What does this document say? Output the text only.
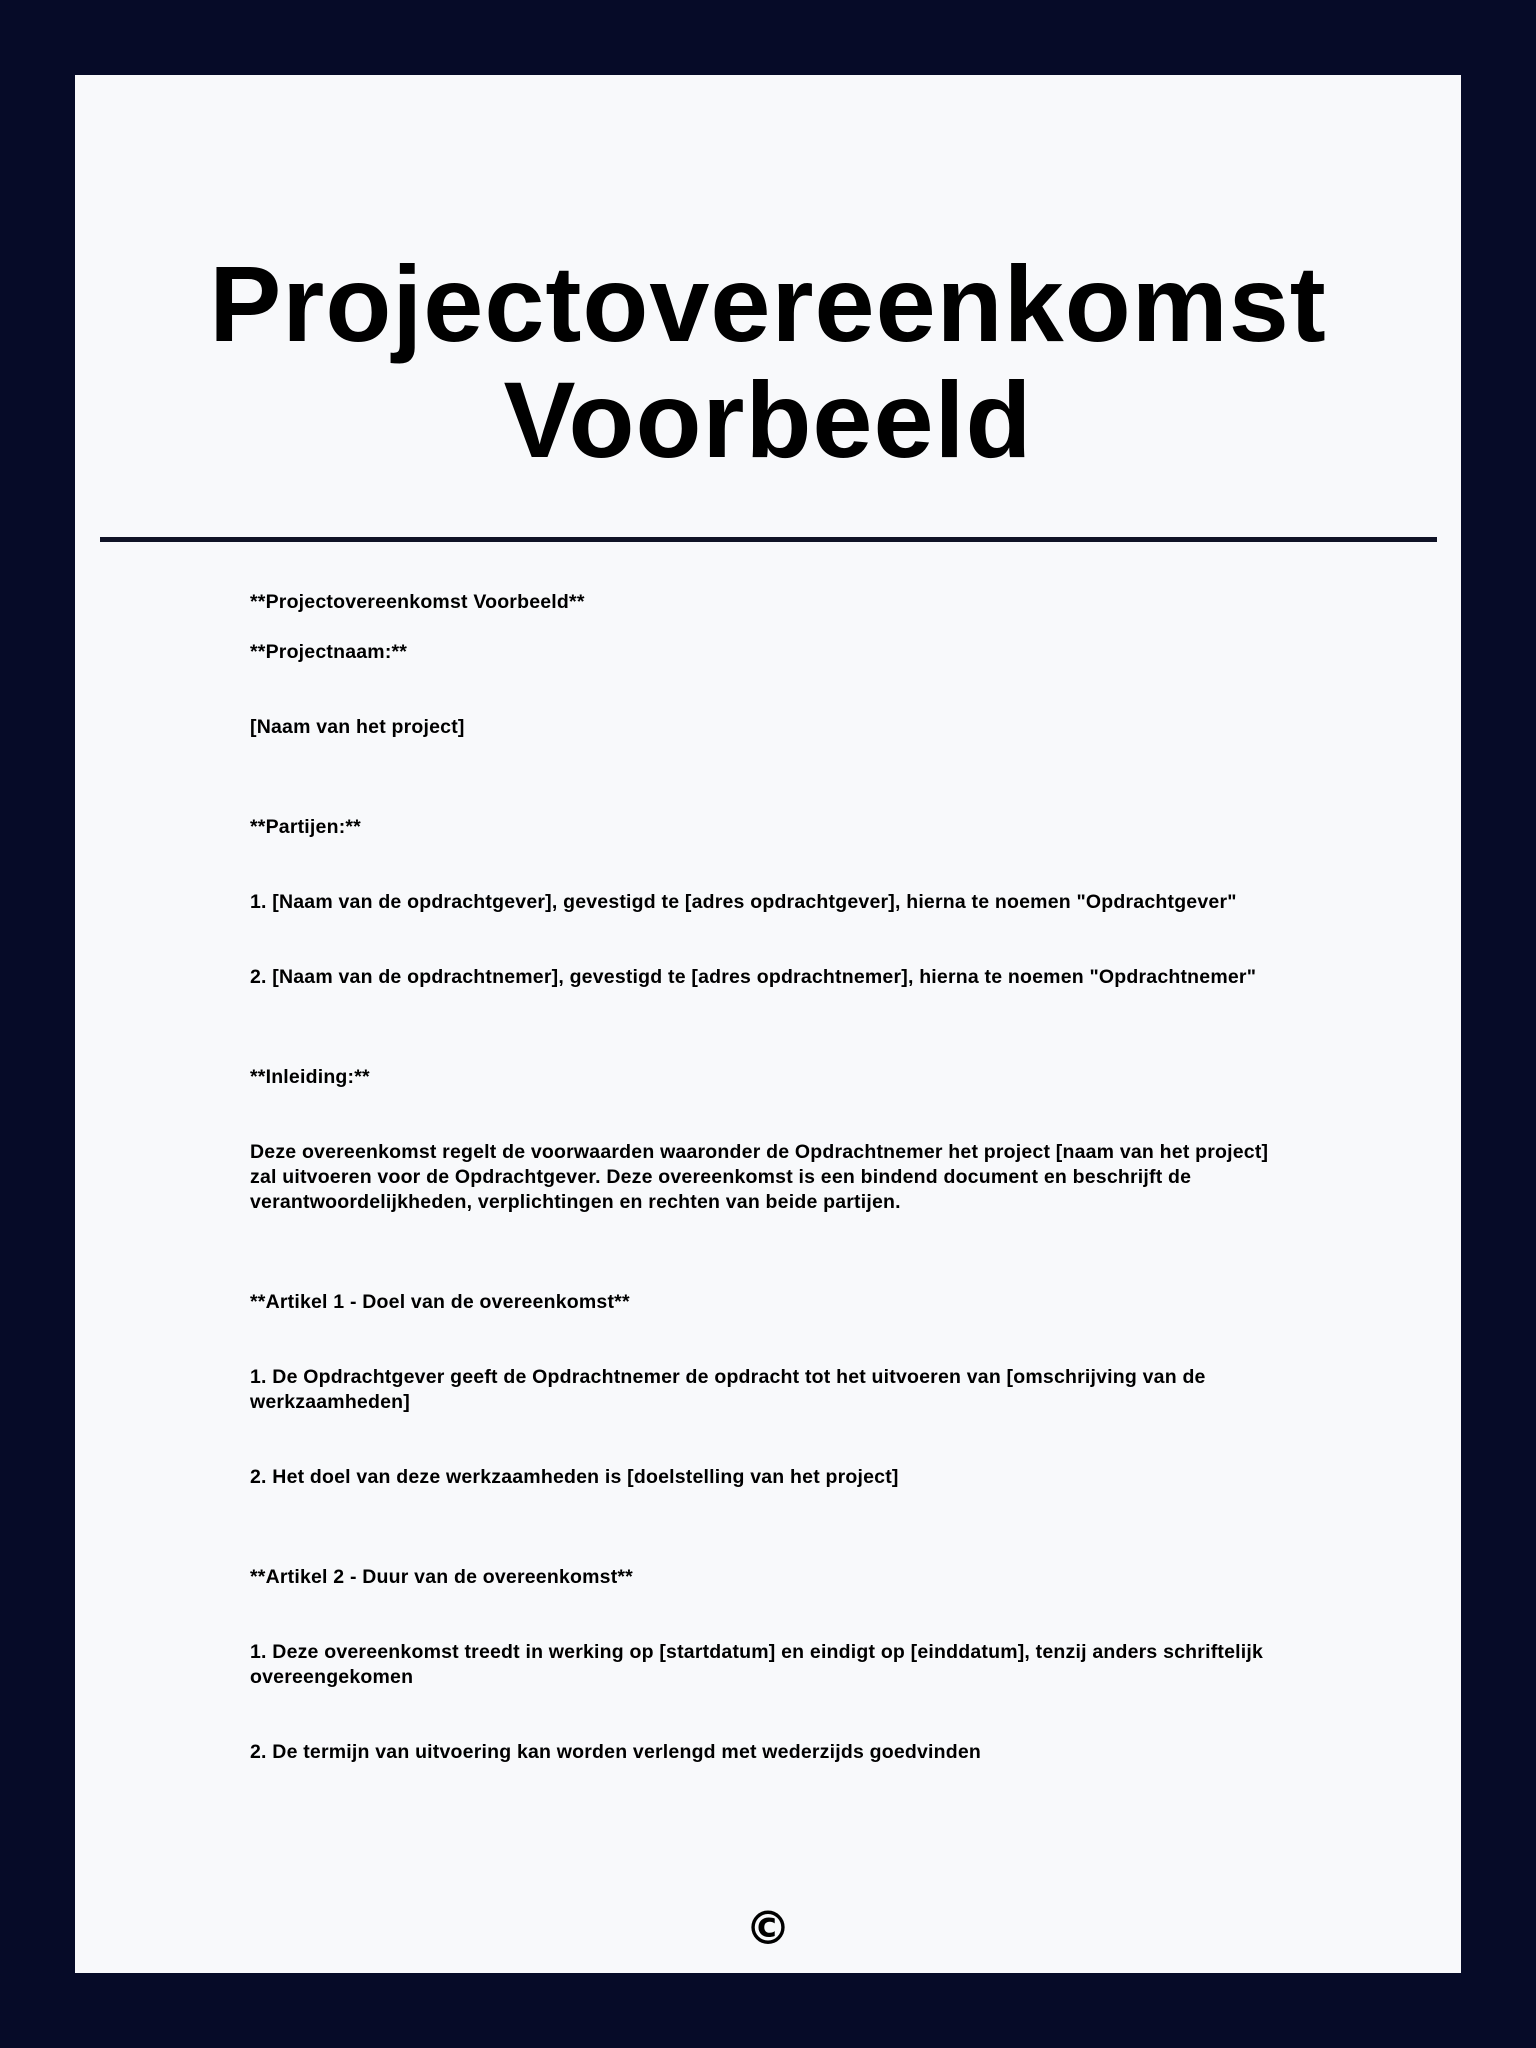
Projectovereenkomst
Voorbeeld

**Projectovereenkomst Voorbeeld**

**Projectnaam:**

[Naam van het project]

**Partijen:**

1. [Naam van de opdrachtgever], gevestigd te [adres opdrachtgever], hierna te noemen "Opdrachtgever"

2. [Naam van de opdrachtnemer], gevestigd te [adres opdrachtnemer], hierna te noemen "Opdrachtnemer"

**Inleiding:**

Deze overeenkomst regelt de voorwaarden waaronder de Opdrachtnemer het project [naam van het project] zal uitvoeren voor de Opdrachtgever. Deze overeenkomst is een bindend document en beschrijft de verantwoordelijkheden, verplichtingen en rechten van beide partijen.

**Artikel 1 - Doel van de overeenkomst**

1. De Opdrachtgever geeft de Opdrachtnemer de opdracht tot het uitvoeren van [omschrijving van de werkzaamheden]

2. Het doel van deze werkzaamheden is [doelstelling van het project]

**Artikel 2 - Duur van de overeenkomst**

1. Deze overeenkomst treedt in werking op [startdatum] en eindigt op [einddatum], tenzij anders schriftelijk overeengekomen

2. De termijn van uitvoering kan worden verlengd met wederzijds goedvinden

©
